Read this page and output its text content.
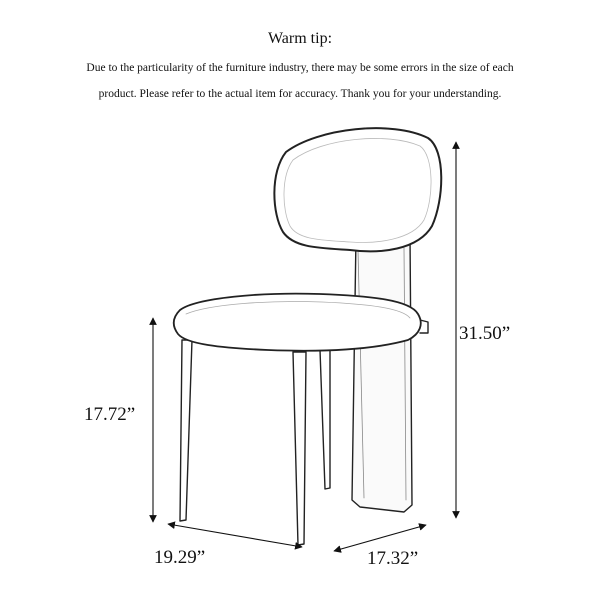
Warm tip:
Due to the particularity of the furniture industry, there may be some errors in the size of each
product. Please refer to the actual item for accuracy. Thank you for your understanding.
31.50”
17.72”
19.29”	17.32”
